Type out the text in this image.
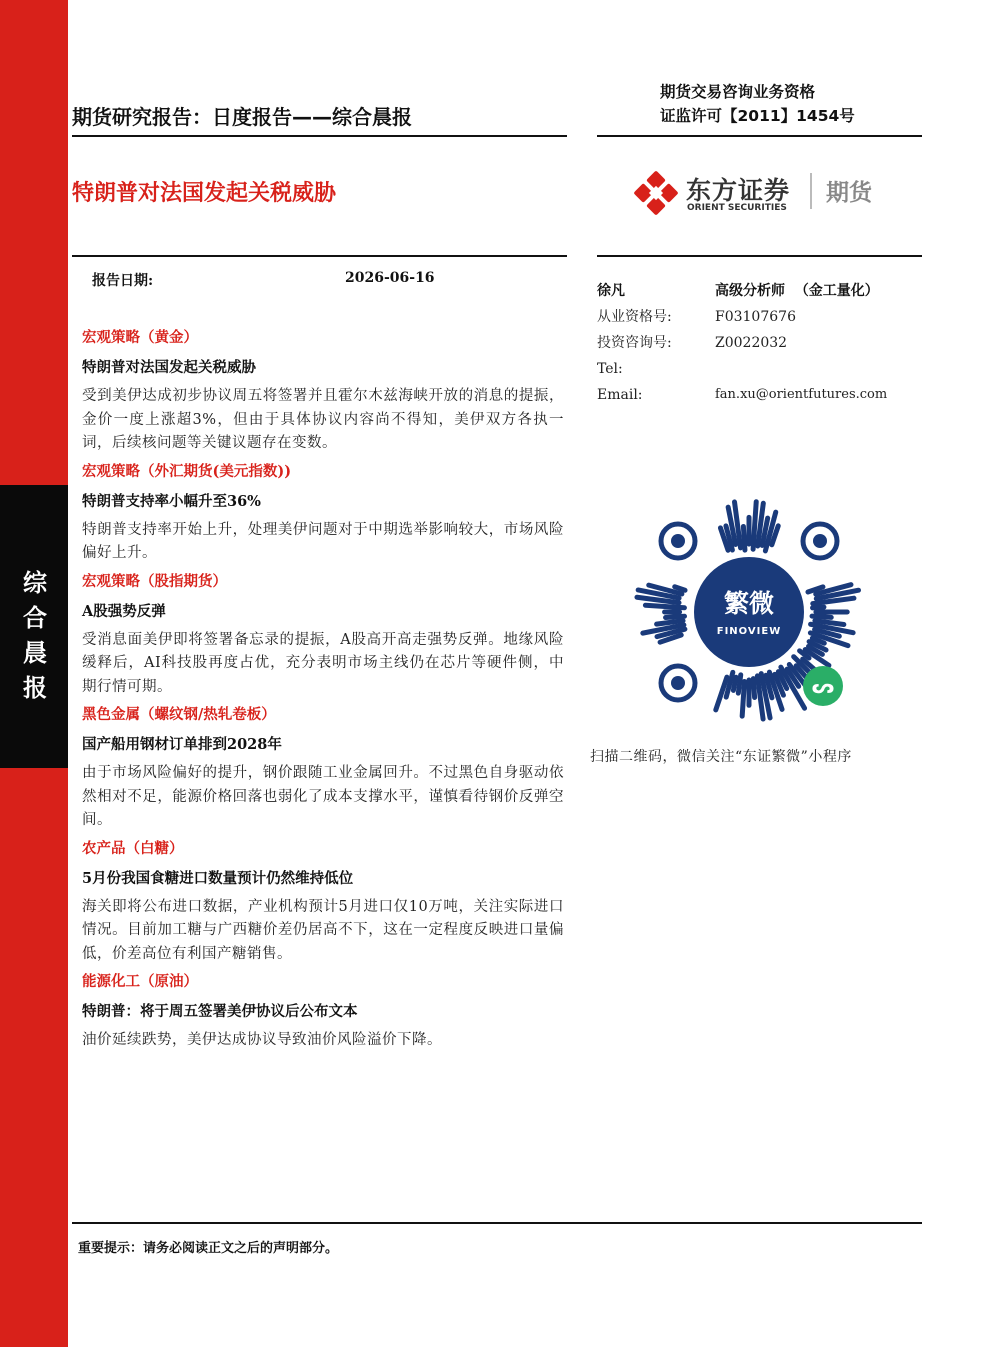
综
合
晨
报
期货研究报告：日度报告——综合晨报
期货交易咨询业务资格
证监许可【2011】1454号
特朗普对法国发起关税威胁	东方证券
ORIENT SECURITIES
期货
报告日期:	2026-06-16
宏观策略（黄金）
特朗普对法国发起关税威胁
受到美伊达成初步协议周五将签署并且霍尔木兹海峡开放的消息的提振，金价一度上涨超3%，但由于具体协议内容尚不得知，美伊双方各执一词，后续核问题等关键议题存在变数。
宏观策略（外汇期货(美元指数))
特朗普支持率小幅升至36%
特朗普支持率开始上升，处理美伊问题对于中期选举影响较大，市场风险偏好上升。
宏观策略（股指期货）
A股强势反弹
受消息面美伊即将签署备忘录的提振，A股高开高走强势反弹。地缘风险缓释后，AI科技股再度占优，充分表明市场主线仍在芯片等硬件侧，中期行情可期。
黑色金属（螺纹钢/热轧卷板）
国产船用钢材订单排到2028年
由于市场风险偏好的提升，钢价跟随工业金属回升。不过黑色自身驱动依然相对不足，能源价格回落也弱化了成本支撑水平，谨慎看待钢价反弹空间。
农产品（白糖）
5月份我国食糖进口数量预计仍然维持低位
海关即将公布进口数据，产业机构预计5月进口仅10万吨，关注实际进口情况。目前加工糖与广西糖价差仍居高不下，这在一定程度反映进口量偏低，价差高位有利国产糖销售。
能源化工（原油）
特朗普：将于周五签署美伊协议后公布文本
油价延续跌势，美伊达成协议导致油价风险溢价下降。
徐凡	高级分析师  （金工量化）
从业资格号:	F03107676
投资咨询号:	Z0022032
Tel:
Email:	fan.xu@orientfutures.com
繁微
FINOVIEW
ᔕ
扫描二维码，微信关注“东证繁微”小程序
重要提示：请务必阅读正文之后的声明部分。
